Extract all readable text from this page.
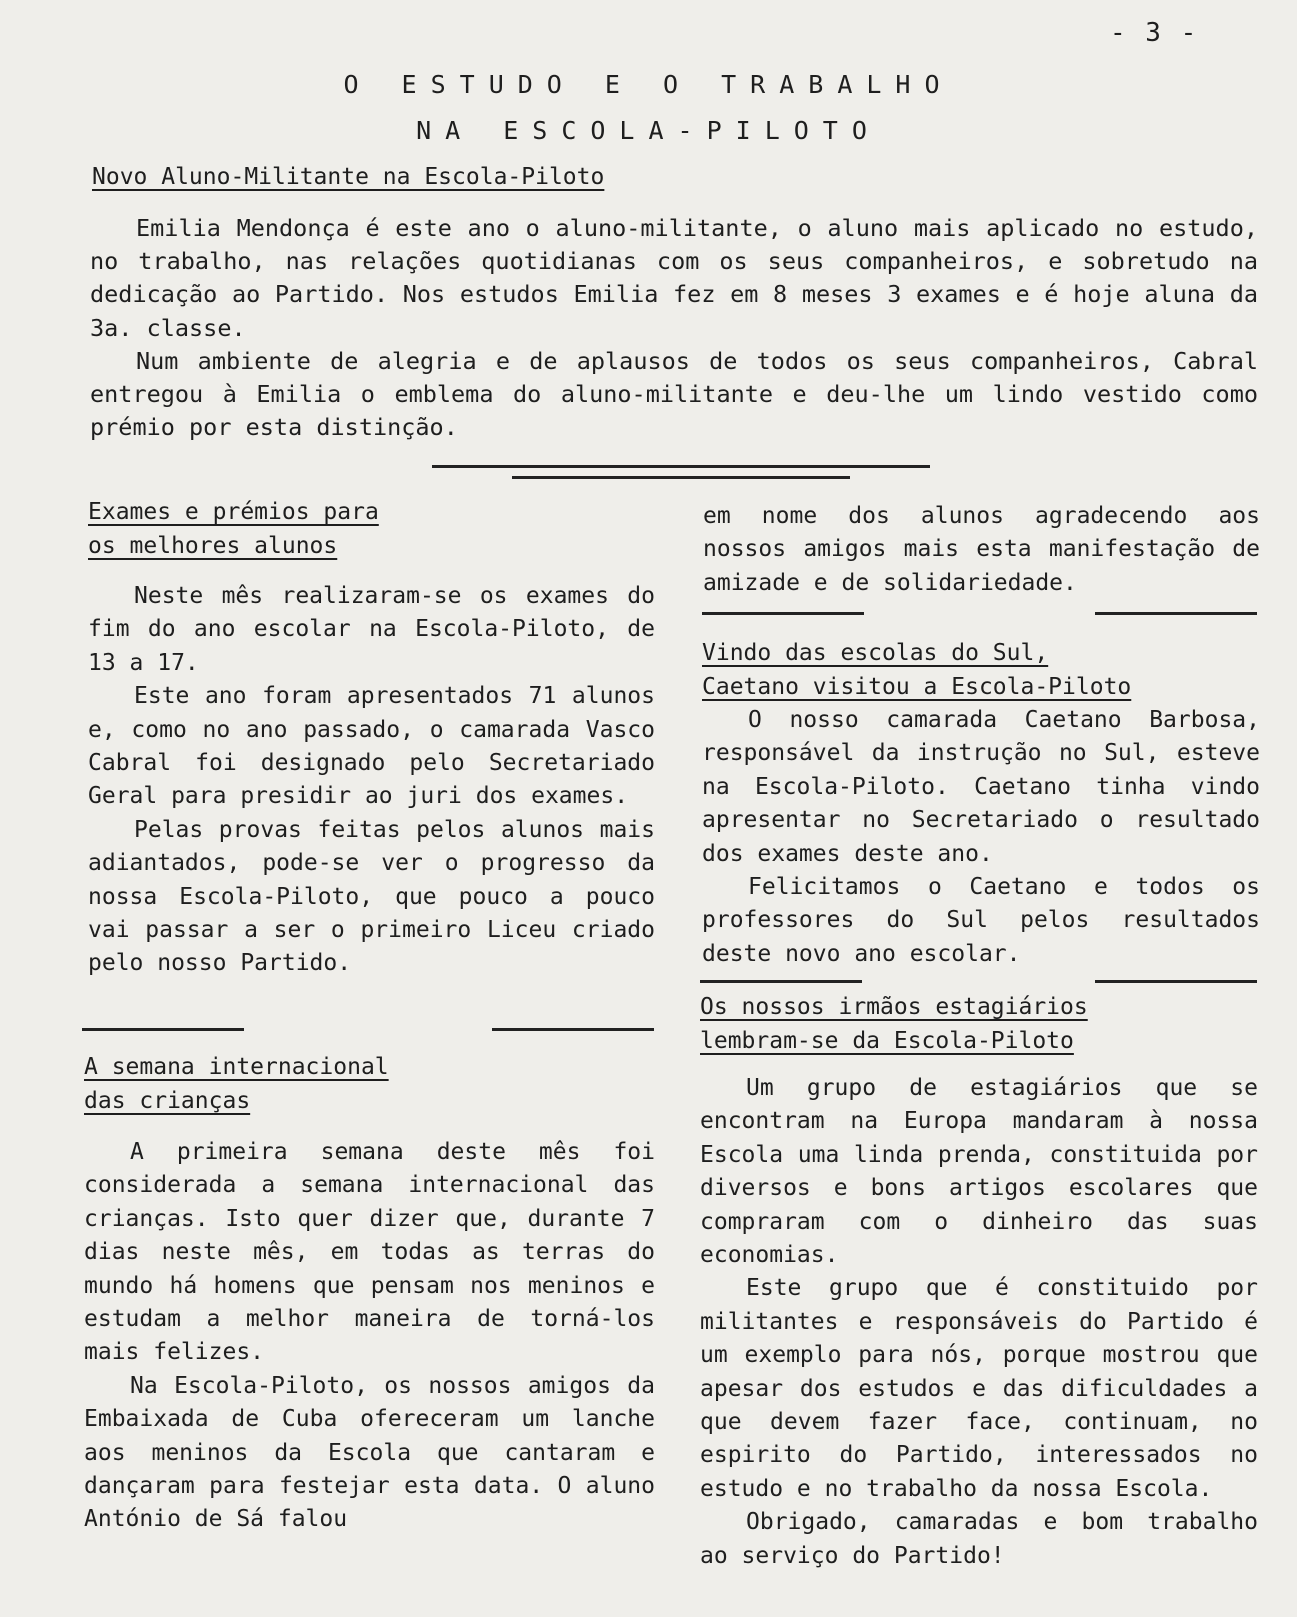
- 3 -
O ESTUDO E O TRABALHO
NA ESCOLA-PILOTO
Novo Aluno-Militante na Escola-Piloto

Emilia Mendonça é este ano o aluno-militante, o aluno mais aplicado no estudo, no trabalho, nas relações quotidianas com os seus companheiros, e sobretudo na dedicação ao Partido. Nos estudos Emilia fez em 8 meses 3 exames e é hoje aluna da 3a. classe.

Num ambiente de alegria e de aplausos de todos os seus companheiros, Cabral entregou à Emilia o emblema do aluno-militante e deu-lhe um lindo vestido como prémio por esta distinção.

Exames e prémios para
os melhores alunos

Neste mês realizaram-se os exames do fim do ano escolar na Escola-Piloto, de 13 a 17.

Este ano foram apresentados 71 alunos e, como no ano passado, o camarada Vasco Cabral foi designado pelo Secretariado Geral para presidir ao juri dos exames.

Pelas provas feitas pelos alunos mais adiantados, pode-se ver o progresso da nossa Escola-Piloto, que pouco a pouco vai passar a ser o primeiro Liceu criado pelo nosso Partido.

A semana internacional
das crianças

A primeira semana deste mês foi considerada a semana internacional das crianças. Isto quer dizer que, durante 7 dias neste mês, em todas as terras do mundo há homens que pensam nos meninos e estudam a melhor maneira de torná-los mais felizes.

Na Escola-Piloto, os nossos amigos da Embaixada de Cuba ofereceram um lanche aos meninos da Escola que cantaram e dançaram para festejar esta data. O aluno António de Sá falou

em nome dos alunos agradecendo aos nossos amigos mais esta manifestação de amizade e de solidariedade.

Vindo das escolas do Sul,
Caetano visitou a Escola-Piloto

O nosso camarada Caetano Barbosa, responsável da instrução no Sul, esteve na Escola-Piloto. Caetano tinha vindo apresentar no Secretariado o resultado dos exames deste ano.

Felicitamos o Caetano e todos os professores do Sul pelos resultados deste novo ano escolar.

Os nossos irmãos estagiários
lembram-se da Escola-Piloto

Um grupo de estagiários que se encontram na Europa mandaram à nossa Escola uma linda prenda, constituida por diversos e bons artigos escolares que compraram com o dinheiro das suas economias.

Este grupo que é constituido por militantes e responsáveis do Partido é um exemplo para nós, porque mostrou que apesar dos estudos e das dificuldades a que devem fazer face, continuam, no espirito do Partido, interessados no estudo e no trabalho da nossa Escola.

Obrigado, camaradas e bom trabalho ao serviço do Partido!
